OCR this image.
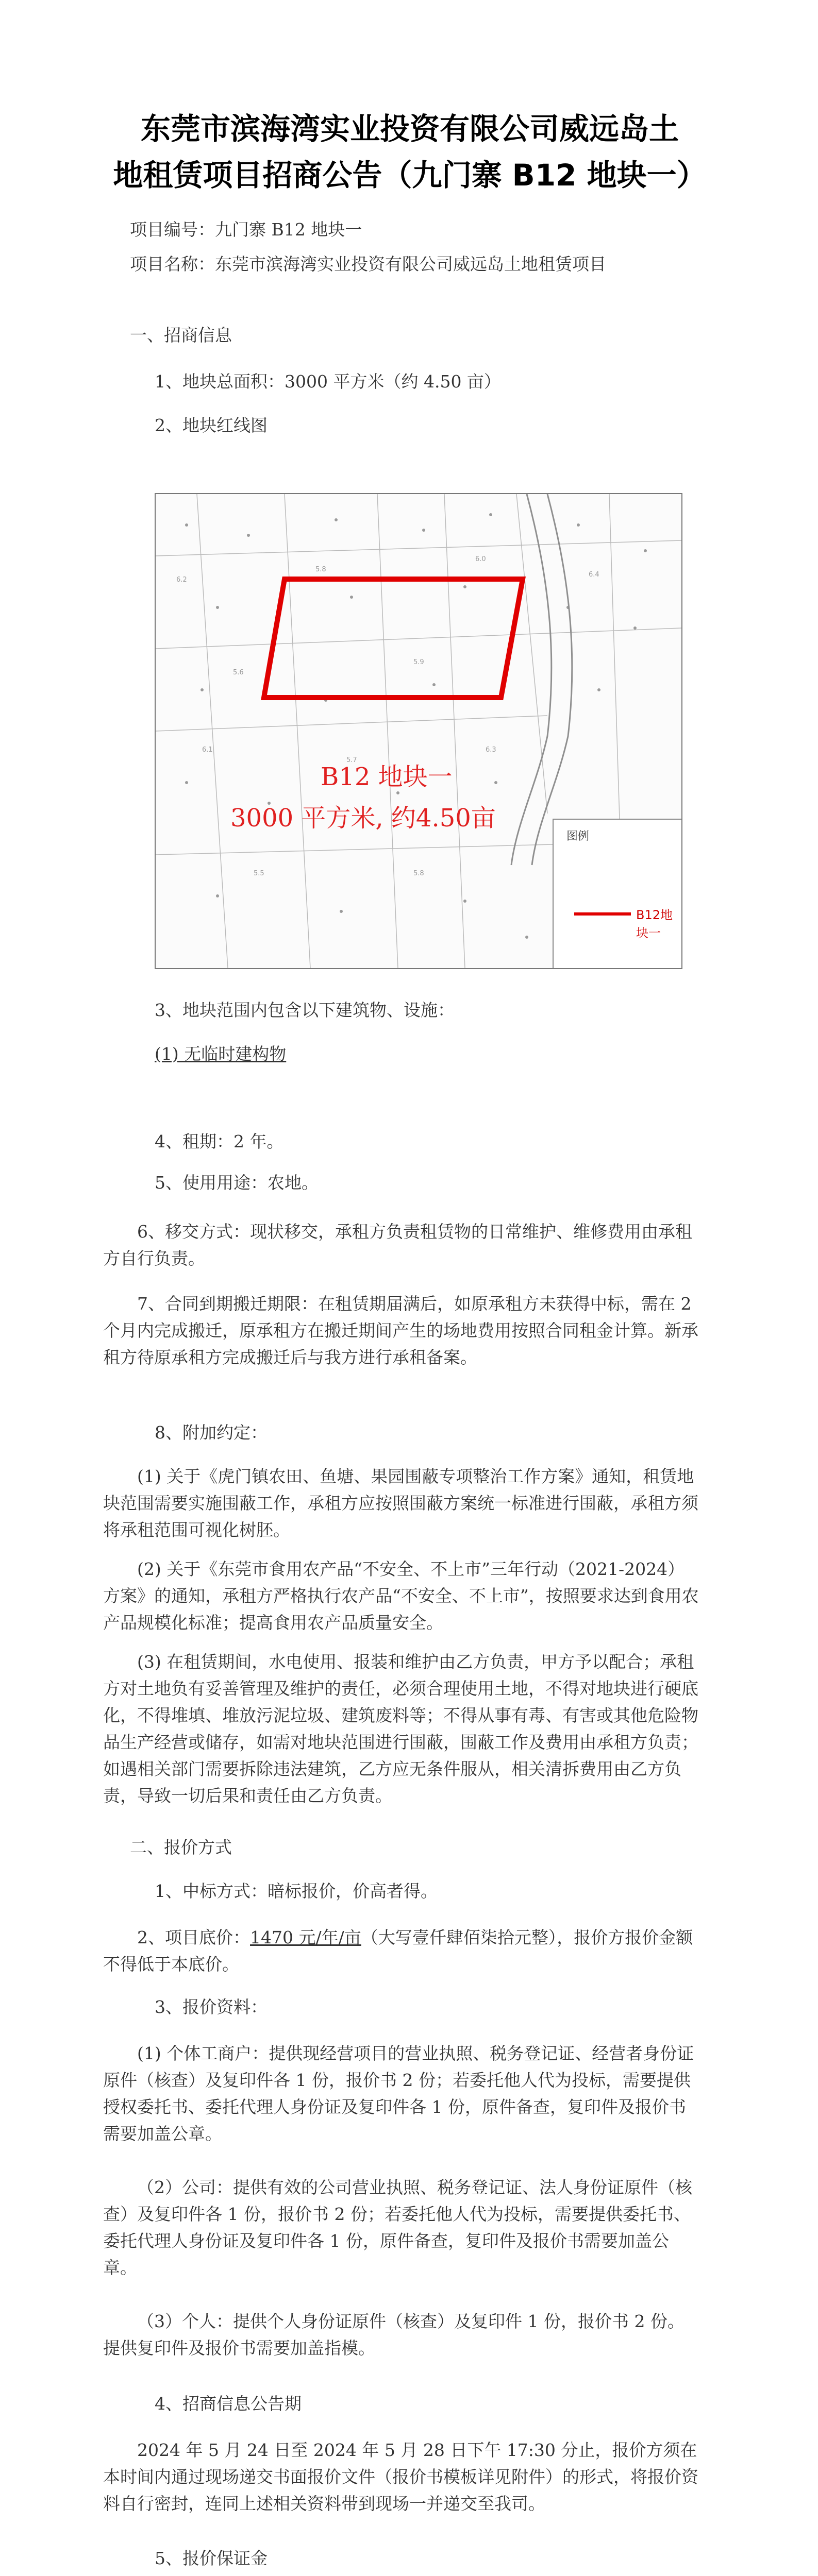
东莞市滨海湾实业投资有限公司威远岛土
地租赁项目招商公告（九门寨 B12 地块一）

项目编号：九门寨 B12 地块一

项目名称：东莞市滨海湾实业投资有限公司威远岛土地租赁项目

一、招商信息

1、地块总面积：3000 平方米（约 4.50 亩）

2、地块红线图

6.2
5.8
6.0
6.4
5.6
5.9
6.1
5.7
6.3
5.5	5.8
B12 地块一
3000 平方米, 约4.50亩
图例
B12地块一

3、地块范围内包含以下建筑物、设施：

(1) 无临时建构物

4、租期：2 年。

5、使用用途：农地。

6、移交方式：现状移交，承租方负责租赁物的日常维护、维修费用由承租方自行负责。

7、合同到期搬迁期限：在租赁期届满后，如原承租方未获得中标，需在 2 个月内完成搬迁，原承租方在搬迁期间产生的场地费用按照合同租金计算。新承租方待原承租方完成搬迁后与我方进行承租备案。

8、附加约定：

(1) 关于《虎门镇农田、鱼塘、果园围蔽专项整治工作方案》通知，租赁地块范围需要实施围蔽工作，承租方应按照围蔽方案统一标准进行围蔽，承租方须将承租范围可视化树胚。

(2) 关于《东莞市食用农产品“不安全、不上市”三年行动（2021-2024）方案》的通知，承租方严格执行农产品“不安全、不上市”，按照要求达到食用农产品规模化标准；提高食用农产品质量安全。

(3) 在租赁期间，水电使用、报装和维护由乙方负责，甲方予以配合；承租方对土地负有妥善管理及维护的责任，必须合理使用土地，不得对地块进行硬底化，不得堆填、堆放污泥垃圾、建筑废料等；不得从事有毒、有害或其他危险物品生产经营或储存，如需对地块范围进行围蔽，围蔽工作及费用由承租方负责；如遇相关部门需要拆除违法建筑，乙方应无条件服从，相关清拆费用由乙方负责，导致一切后果和责任由乙方负责。

二、报价方式

1、中标方式：暗标报价，价高者得。

2、项目底价：1470 元/年/亩（大写壹仟肆佰柒拾元整），报价方报价金额不得低于本底价。

3、报价资料：

(1) 个体工商户：提供现经营项目的营业执照、税务登记证、经营者身份证原件（核查）及复印件各 1 份，报价书 2 份；若委托他人代为投标，需要提供授权委托书、委托代理人身份证及复印件各 1 份，原件备查，复印件及报价书需要加盖公章。

（2）公司：提供有效的公司营业执照、税务登记证、法人身份证原件（核查）及复印件各 1 份，报价书 2 份；若委托他人代为投标，需要提供委托书、委托代理人身份证及复印件各 1 份，原件备查，复印件及报价书需要加盖公章。

（3）个人：提供个人身份证原件（核查）及复印件 1 份，报价书 2 份。提供复印件及报价书需要加盖指模。

4、招商信息公告期

2024 年 5 月 24 日至 2024 年 5 月 28 日下午 17:30 分止，报价方须在本时间内通过现场递交书面报价文件（报价书模板详见附件）的形式，将报价资料自行密封，连同上述相关资料带到现场一并递交至我司。

5、报价保证金
